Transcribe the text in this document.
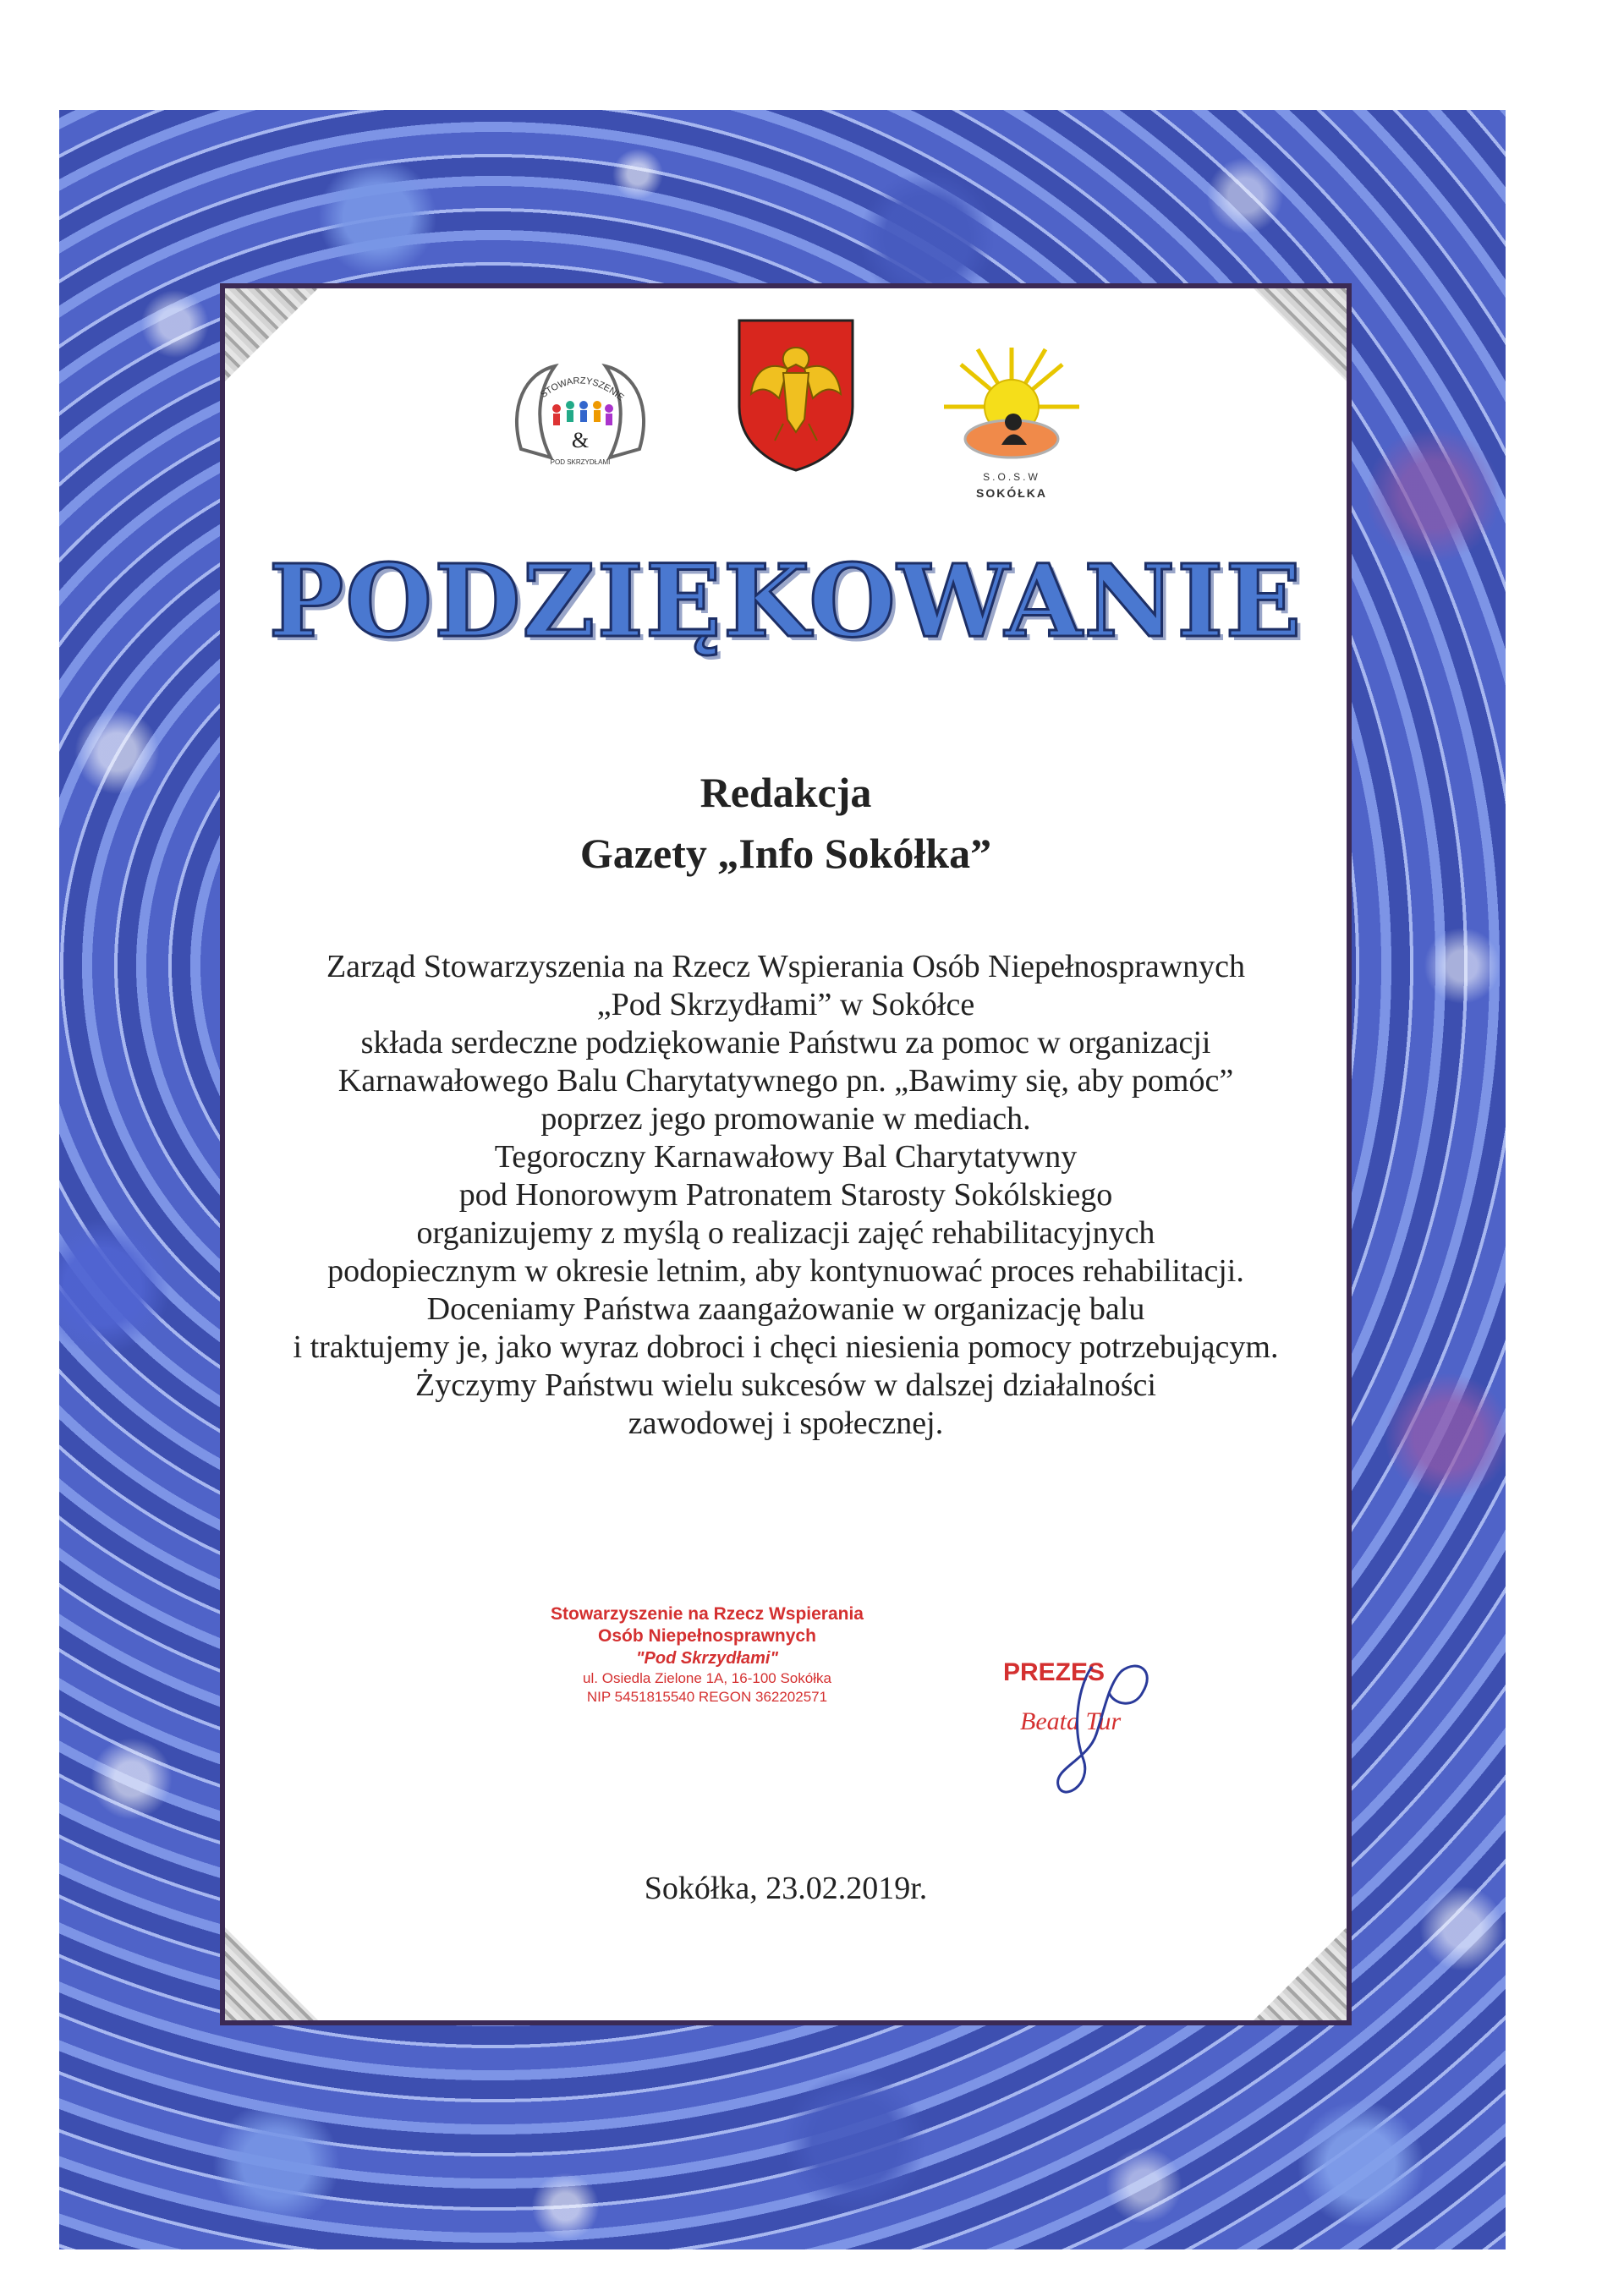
STOWARZYSZENIE
&
POD SKRZYDŁAMI
S.O.S.W
SOKÓŁKA
PODZIĘKOWANIE
Redakcja
Gazety „Info Sokółka”
Zarząd Stowarzyszenia na Rzecz Wspierania Osób Niepełnosprawnych
„Pod Skrzydłami” w Sokółce
składa serdeczne podziękowanie Państwu za pomoc w organizacji
Karnawałowego Balu Charytatywnego pn. „Bawimy się, aby pomóc”
poprzez jego promowanie w mediach.
Tegoroczny Karnawałowy Bal Charytatywny
pod Honorowym Patronatem Starosty Sokólskiego
organizujemy z myślą o realizacji zajęć rehabilitacyjnych
podopiecznym w okresie letnim, aby kontynuować proces rehabilitacji.
Doceniamy Państwa zaangażowanie w organizację balu
i traktujemy je, jako wyraz dobroci i chęci niesienia pomocy potrzebującym.
Życzymy Państwu wielu sukcesów w dalszej działalności
zawodowej i społecznej.
Stowarzyszenie na Rzecz Wspierania
Osób Niepełnosprawnych
"Pod Skrzydłami"
ul. Osiedla Zielone 1A, 16-100 Sokółka
NIP 5451815540 REGON 362202571
PREZES
Beata Tur
Sokółka, 23.02.2019r.
